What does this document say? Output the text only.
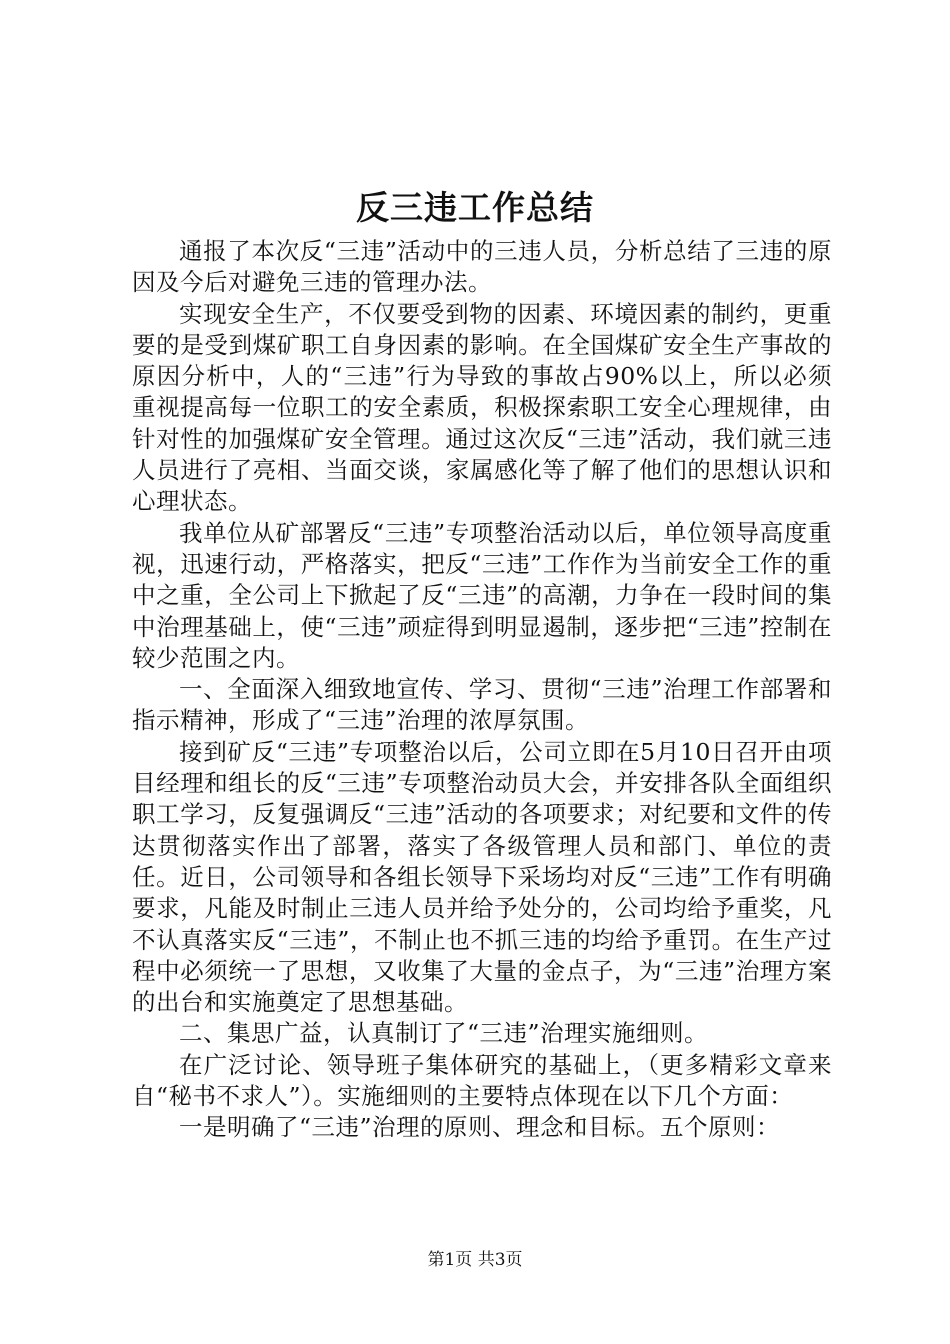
反三违工作总结

通报了本次反“三违”活动中的三违人员，分析总结了三违的原因及今后对避免三违的管理办法。

实现安全生产，不仅要受到物的因素、环境因素的制约，更重要的是受到煤矿职工自身因素的影响。在全国煤矿安全生产事故的原因分析中，人的“三违”行为导致的事故占90%以上，所以必须重视提高每一位职工的安全素质，积极探索职工安全心理规律，由针对性的加强煤矿安全管理。通过这次反“三违”活动，我们就三违人员进行了亮相、当面交谈，家属感化等了解了他们的思想认识和心理状态。

我单位从矿部署反“三违”专项整治活动以后，单位领导高度重视，迅速行动，严格落实，把反“三违”工作作为当前安全工作的重中之重，全公司上下掀起了反“三违”的高潮，力争在一段时间的集中治理基础上，使“三违”顽症得到明显遏制，逐步把“三违”控制在较少范围之内。

一、全面深入细致地宣传、学习、贯彻“三违”治理工作部署和指示精神，形成了“三违”治理的浓厚氛围。

接到矿反“三违”专项整治以后，公司立即在5月10日召开由项目经理和组长的反“三违”专项整治动员大会，并安排各队全面组织职工学习，反复强调反“三违”活动的各项要求；对纪要和文件的传达贯彻落实作出了部署，落实了各级管理人员和部门、单位的责任。近日，公司领导和各组长领导下采场均对反“三违”工作有明确要求，凡能及时制止三违人员并给予处分的，公司均给予重奖，凡不认真落实反“三违”，不制止也不抓三违的均给予重罚。在生产过程中必须统一了思想，又收集了大量的金点子，为“三违”治理方案的出台和实施奠定了思想基础。

二、集思广益，认真制订了“三违”治理实施细则。

在广泛讨论、领导班子集体研究的基础上，（更多精彩文章来自“秘书不求人”）。实施细则的主要特点体现在以下几个方面：

一是明确了“三违”治理的原则、理念和目标。五个原则：

第1页 共3页
